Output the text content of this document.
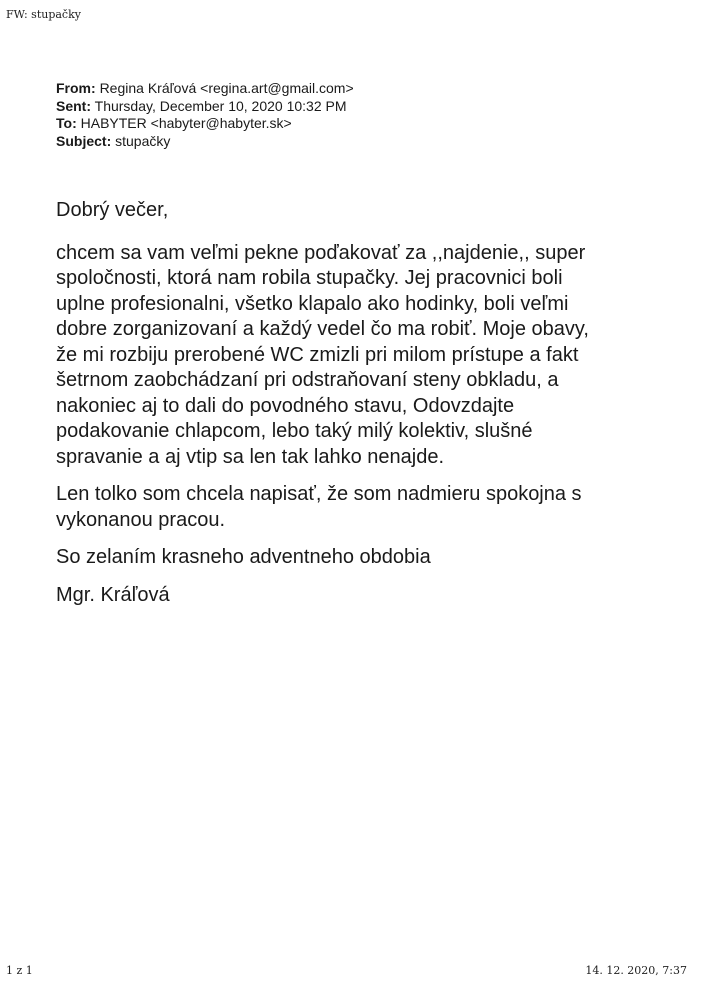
FW: stupačky
From: Regina Kráľová <regina.art@gmail.com>
Sent: Thursday, December 10, 2020 10:32 PM
To: HABYTER <habyter@habyter.sk>
Subject: stupačky

Dobrý večer,

chcem sa vam veľmi pekne poďakovať za ,,najdenie,, super
spoločnosti, ktorá nam robila stupačky. Jej pracovnici boli
uplne profesionalni, všetko klapalo ako hodinky, boli veľmi
dobre zorganizovaní a každý vedel čo ma robiť. Moje obavy,
že mi rozbiju prerobené WC zmizli pri milom prístupe a fakt
šetrnom zaobchádzaní pri odstraňovaní steny obkladu, a
nakoniec aj to dali do povodného stavu, Odovzdajte
podakovanie chlapcom, lebo taký milý kolektiv, slušné
spravanie a aj vtip sa len tak lahko nenajde.

Len tolko som chcela napisať, že som nadmieru spokojna s
vykonanou pracou.

So zelaním krasneho adventneho obdobia

Mgr. Kráľová

1 z 1	14. 12. 2020, 7:37
